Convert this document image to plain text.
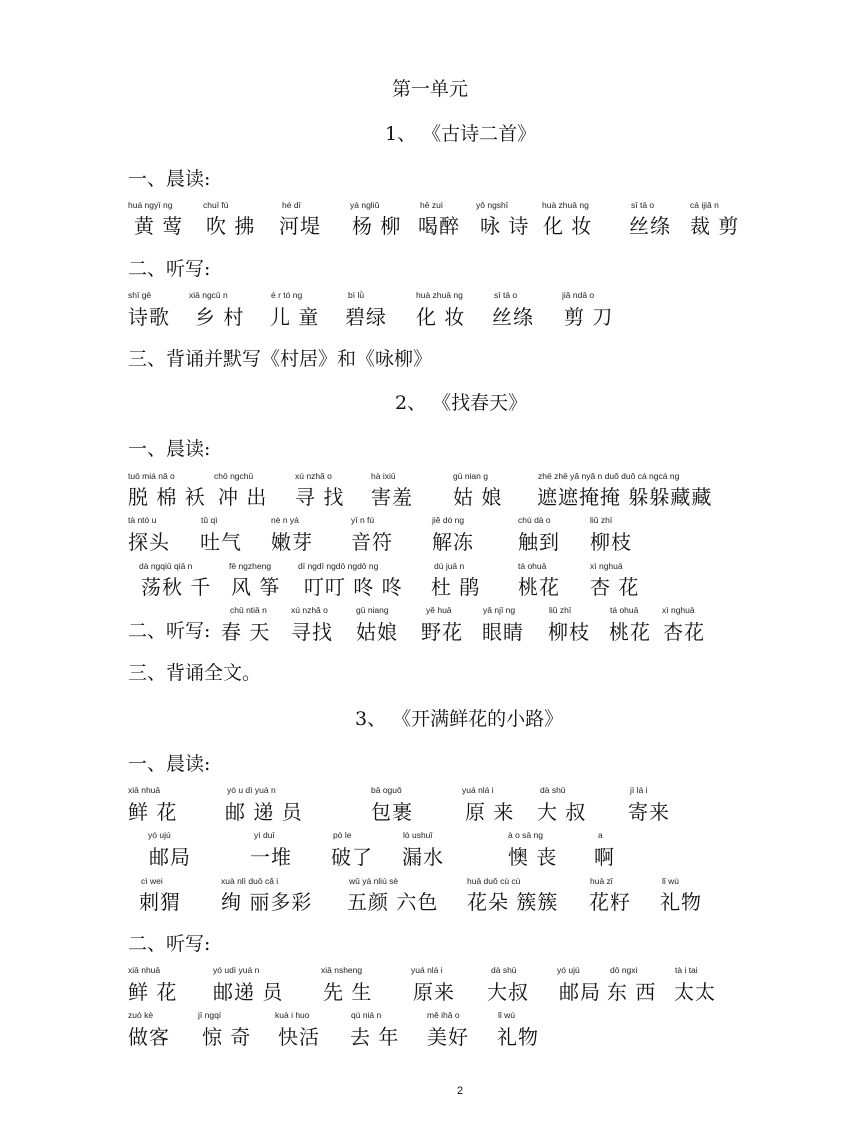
第一单元
1、 《古诗二首》
一、晨读:
huá ngyī ng
黄 莺
chuī fú
吹 拂
hé dī
河堤
yá ngliǔ
杨 柳
hē zuì
喝醉
yǒ ngshī
咏 诗
huà zhuā ng
化 妆
sī tā o
丝绦
cá ijiǎ n
裁 剪
二、听写:
shī gē
诗歌
xiā ngcū n
乡 村
é r tó ng
儿 童
bì lǜ
碧绿
huà zhuā ng
化 妆
sī tā o
丝绦
jiǎ ndā o
剪 刀
三、背诵并默写《村居》和《咏柳》
2、 《找春天》
一、晨读:
tuō miá nǎ o
脱 棉 袄
chō ngchū
冲 出
xú nzhǎ o
寻 找
hà ixiū
害羞
gū nian g
姑 娘
zhē zhē yǎ nyǎ n duǒ duǒ cá ngcá ng
遮遮掩掩 躲躲藏藏
tà ntó u
探头
tǔ qì
吐气
nè n yá
嫩芽
yī n fú
音符
jiě dò ng
解冻
chù dà o
触到
liǔ zhī
柳枝
dà ngqiū qiā n
荡秋 千
fē ngzheng
风 筝
dī ngdī ngdō ngdō ng
叮叮 咚 咚
dù juā n
杜 鹃
tá ohuā
桃花
xì nghuā
杏 花
二、听写:
chū ntiā n
春 天
xú nzhǎ o
寻找
gū niang
姑娘
yě huā
野花
yǎ njī ng
眼睛
liǔ zhī
柳枝
tá ohuā
桃花
xì nghuā
杏花
三、背诵全文。
3、 《开满鲜花的小路》
一、晨读:
xiā nhuā
鲜 花
yó u dì yuá n
邮 递 员
bā oguǒ
包裹
yuá nlá i
原 来
dà shū
大 叔
jì lá i
寄来
yó ujú
邮局
yì duī
一堆
pò le
破了
lò ushuǐ
漏水
à o sā ng
懊 丧
a
啊
cì wei
刺猬
xuà nlì duō cǎ i
绚 丽多彩
wǔ yá nliù sè
五颜 六色
huā duǒ cù cù
花朵 簇簇
huā zǐ
花籽
lǐ wù
礼物
二、听写:
xiā nhuā
鲜 花
yó udì yuá n
邮递 员
xiā nsheng
先 生
yuá nlá i
原来
dà shū
大叔
yó ujú
邮局
dō ngxi
东 西
tà i tai
太太
zuò kè
做客
jī ngqí
惊 奇
kuà i huo
快活
qù niá n
去 年
mě ihǎ o
美好
lǐ wù
礼物
2
